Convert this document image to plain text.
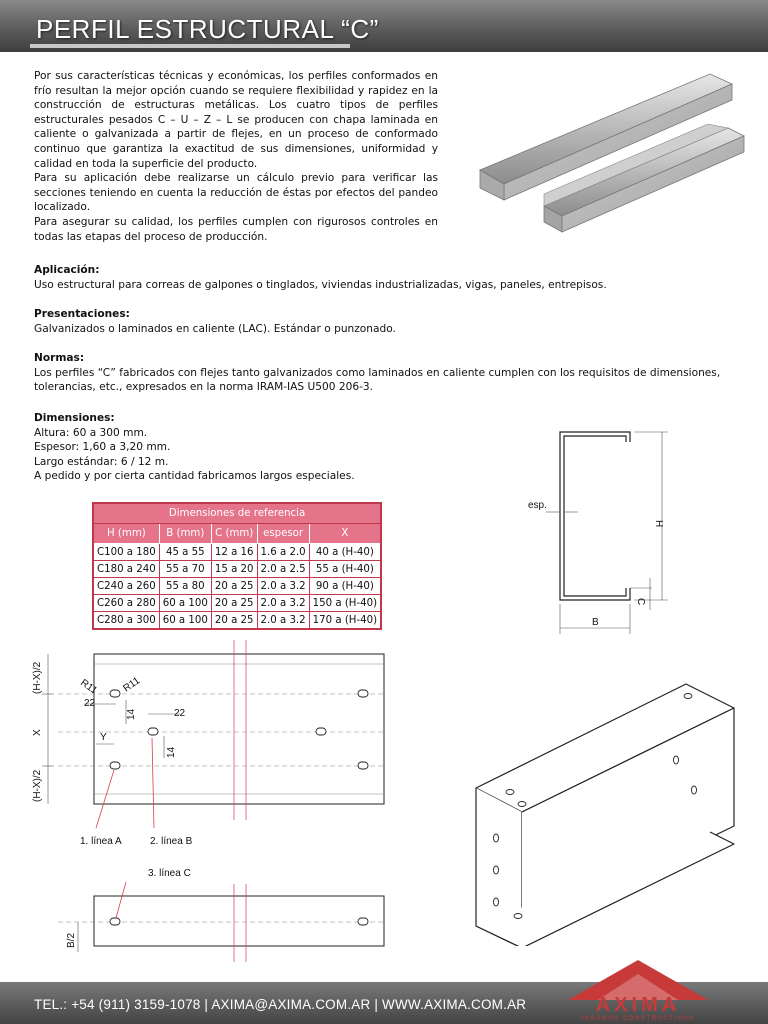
PERFIL ESTRUCTURAL “C”

Por sus características técnicas y económicas, los perfiles conformados en frío resultan la mejor opción cuando se requiere flexibilidad y rapidez en la construcción de estructuras metálicas. Los cuatro tipos de perfiles estructurales pesados C – U – Z – L se producen con chapa laminada en caliente o galvanizada a partir de flejes, en un proceso de conformado continuo que garantiza la exactitud de sus dimensiones, uniformidad y calidad en toda la superficie del producto.

Para su aplicación debe realizarse un cálculo previo para verificar las secciones teniendo en cuenta la reducción de éstas por efectos del pandeo localizado.

Para asegurar su calidad, los perfiles cumplen con rigurosos controles en todas las etapas del proceso de producción.

Aplicación:

Uso estructural para correas de galpones o tinglados, viviendas industrializadas, vigas, paneles, entrepisos.

Presentaciones:

Galvanizados o laminados en caliente (LAC). Estándar o punzonado.

Normas:

Los perfiles “C” fabricados con flejes tanto galvanizados como laminados en caliente cumplen con los requisitos de dimensiones, tolerancias, etc., expresados en la norma IRAM-IAS U500 206-3.

Dimensiones:

Altura: 60 a 300 mm.

Espesor: 1,60 a 3,20 mm.

Largo estándar: 6 / 12 m.

A pedido y por cierta cantidad fabricamos largos especiales.

Dimensiones de referencia				
H (mm)	B (mm)	C (mm)	espesor	X
C100 a 180	45 a 55	12 a 16	1.6 a 2.0	40 a (H-40)
C180 a 240	55 a 70	15 a 20	2.0 a 2.5	55 a (H-40)
C240 a 260	55 a 80	20 a 25	2.0 a 3.2	90 a (H-40)
C260 a 280	60 a 100	20 a 25	2.0 a 3.2	150 a (H-40)
C280 a 300	60 a 100	20 a 25	2.0 a 3.2	170 a (H-40)
esp.
H
C
B
(H-X)/2
X
(H-X)/2
R11 R11
22
14	22
14
Y
1. línea A	2. línea B
B/2
3. línea C
TEL.: +54 (911) 3159-1078 | AXIMA@AXIMA.COM.AR | WWW.AXIMA.COM.AR	AXIMA
INSUMOS CONSTRUCTIVOS
